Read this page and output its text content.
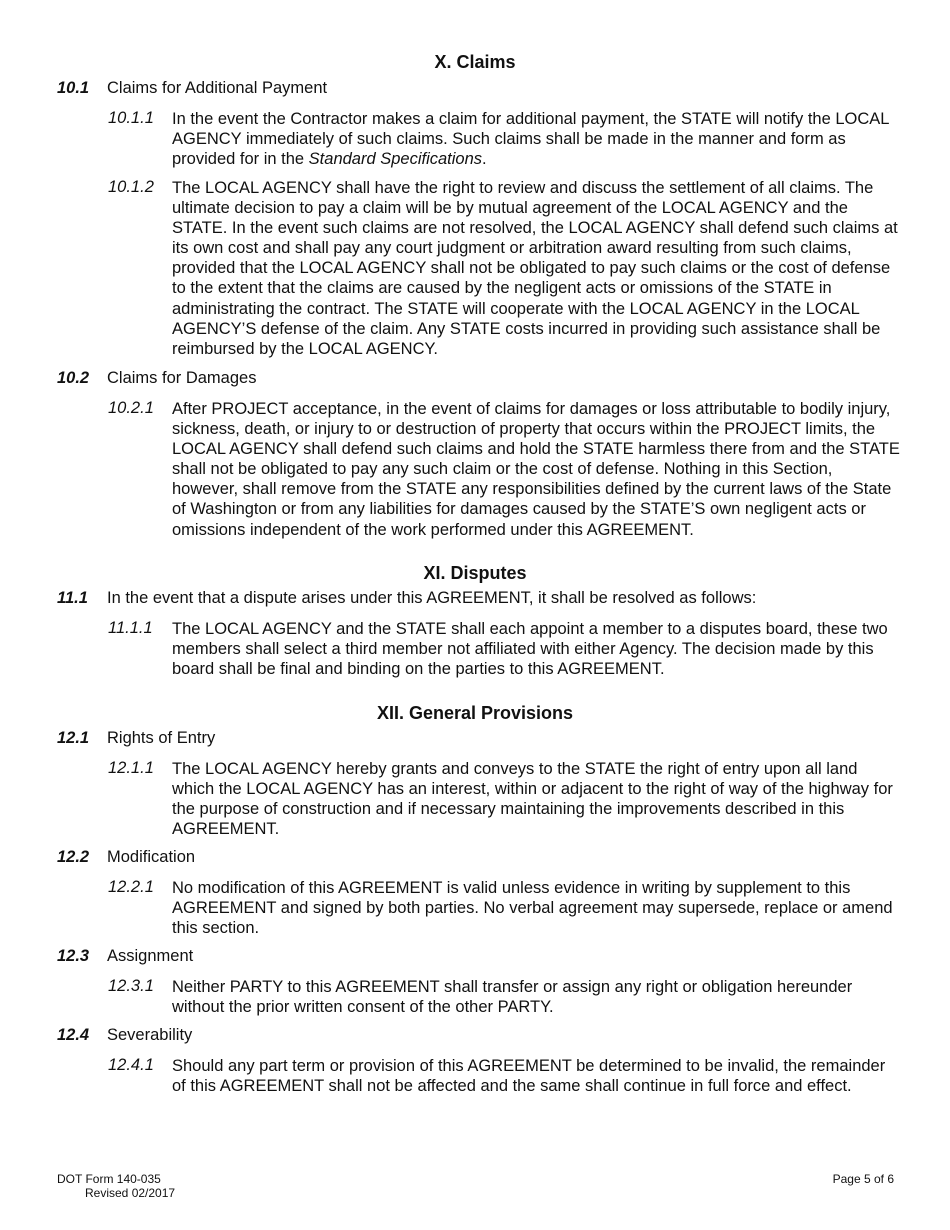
X. Claims
10.1 Claims for Additional Payment
10.1.1 In the event the Contractor makes a claim for additional payment, the STATE will notify the LOCAL AGENCY immediately of such claims. Such claims shall be made in the manner and form as provided for in the Standard Specifications.
10.1.2 The LOCAL AGENCY shall have the right to review and discuss the settlement of all claims. The ultimate decision to pay a claim will be by mutual agreement of the LOCAL AGENCY and the STATE. In the event such claims are not resolved, the LOCAL AGENCY shall defend such claims at its own cost and shall pay any court judgment or arbitration award resulting from such claims, provided that the LOCAL AGENCY shall not be obligated to pay such claims or the cost of defense to the extent that the claims are caused by the negligent acts or omissions of the STATE in administrating the contract. The STATE will cooperate with the LOCAL AGENCY in the LOCAL AGENCY’S defense of the claim. Any STATE costs incurred in providing such assistance shall be reimbursed by the LOCAL AGENCY.
10.2 Claims for Damages
10.2.1 After PROJECT acceptance, in the event of claims for damages or loss attributable to bodily injury, sickness, death, or injury to or destruction of property that occurs within the PROJECT limits, the LOCAL AGENCY shall defend such claims and hold the STATE harmless there from and the STATE shall not be obligated to pay any such claim or the cost of defense. Nothing in this Section, however, shall remove from the STATE any responsibilities defined by the current laws of the State of Washington or from any liabilities for damages caused by the STATE’S own negligent acts or omissions independent of the work performed under this AGREEMENT.
XI. Disputes
11.1 In the event that a dispute arises under this AGREEMENT, it shall be resolved as follows:
11.1.1 The LOCAL AGENCY and the STATE shall each appoint a member to a disputes board, these two members shall select a third member not affiliated with either Agency. The decision made by this board shall be final and binding on the parties to this AGREEMENT.
XII. General Provisions
12.1 Rights of Entry
12.1.1 The LOCAL AGENCY hereby grants and conveys to the STATE the right of entry upon all land which the LOCAL AGENCY has an interest, within or adjacent to the right of way of the highway for the purpose of construction and if necessary maintaining the improvements described in this AGREEMENT.
12.2 Modification
12.2.1 No modification of this AGREEMENT is valid unless evidence in writing by supplement to this AGREEMENT and signed by both parties. No verbal agreement may supersede, replace or amend this section.
12.3 Assignment
12.3.1 Neither PARTY to this AGREEMENT shall transfer or assign any right or obligation hereunder without the prior written consent of the other PARTY.
12.4 Severability
12.4.1 Should any part term or provision of this AGREEMENT be determined to be invalid, the remainder of this AGREEMENT shall not be affected and the same shall continue in full force and effect.
DOT Form 140-035
Revised 02/2017
Page 5 of 6
